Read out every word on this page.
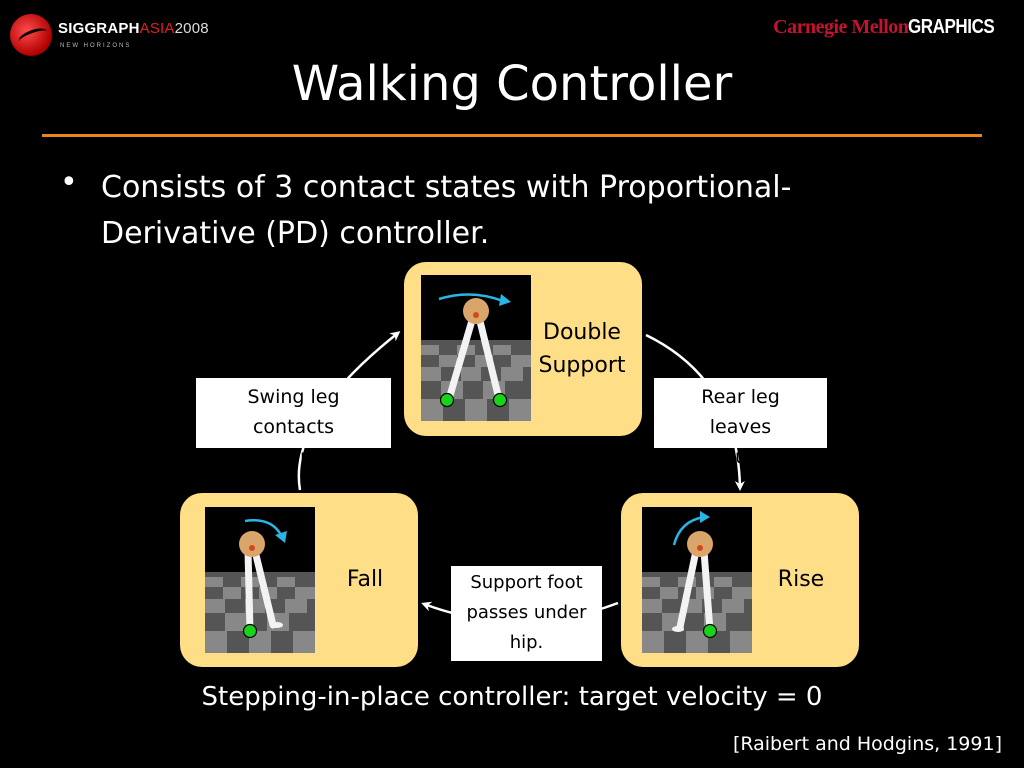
SIGGRAPHASIA2008
NEW HORIZONS
Carnegie MellonGRAPHICS
Walking Controller
• Consists of 3 contact states with Proportional-Derivative (PD) controller.
Double Support
Fall	Rise
Swing leg contacts ground.
Rear leg leaves ground.
Support foot passes under hip.
Stepping-in-place controller: target velocity = 0
[Raibert and Hodgins, 1991]
